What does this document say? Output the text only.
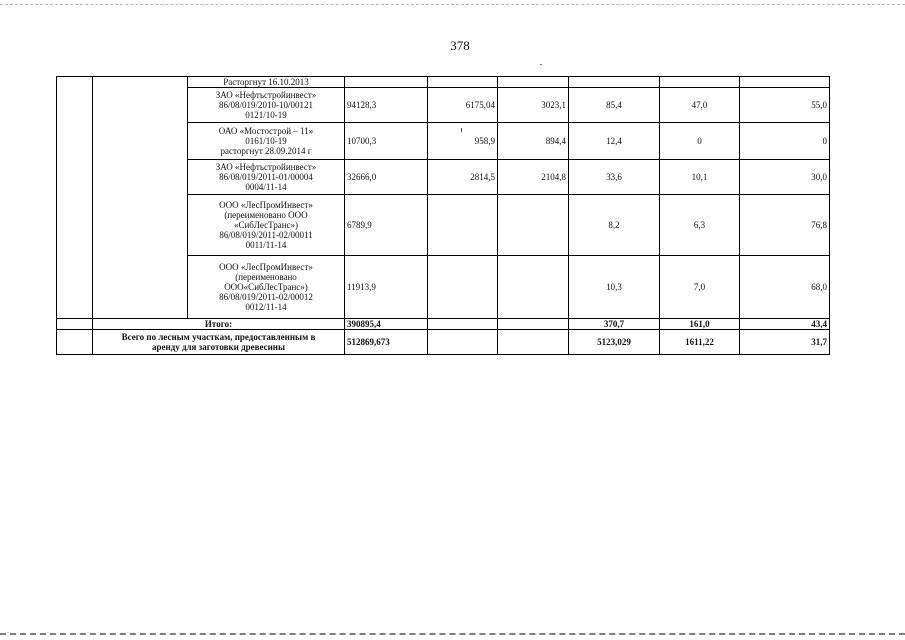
378

		Расторгнут 16.10.2013						

		ЗАО «Нефтьстройинвест»
86/08/019/2010-10/00121
0121/10-19	94128,3	6175,04	3023,1	85,4	47,0	55,0

		ОАО «Мостострой – 11»
0161/10-19
расторгнут 28.09.2014 г	10700,3	958,9	894,4	12,4	0	0

		ЗАО «Нефтьстройинвест»
86/08/019/2011-01/00004
0004/11-14	32666,0	2814,5	2104,8	33,6	10,1	30,0

		ООО «ЛесПромИнвест»
(переименовано ООО
«СибЛесТранс»)
86/08/019/2011-02/00011
0011/11-14	6789,9			8,2	6,3	76,8

		ООО «ЛесПромИнвест»
(переименовано
ООО«СибЛесТранс»)
86/08/019/2011-02/00012
0012/11-14	11913,9			10,3	7,0	68,0
	Итого:		390895,4			370,7	161,0	43,4

	Всего по лесным участкам, предоставленным в
аренду для заготовки древесины		512869,673			5123,029	1611,22	31,7
